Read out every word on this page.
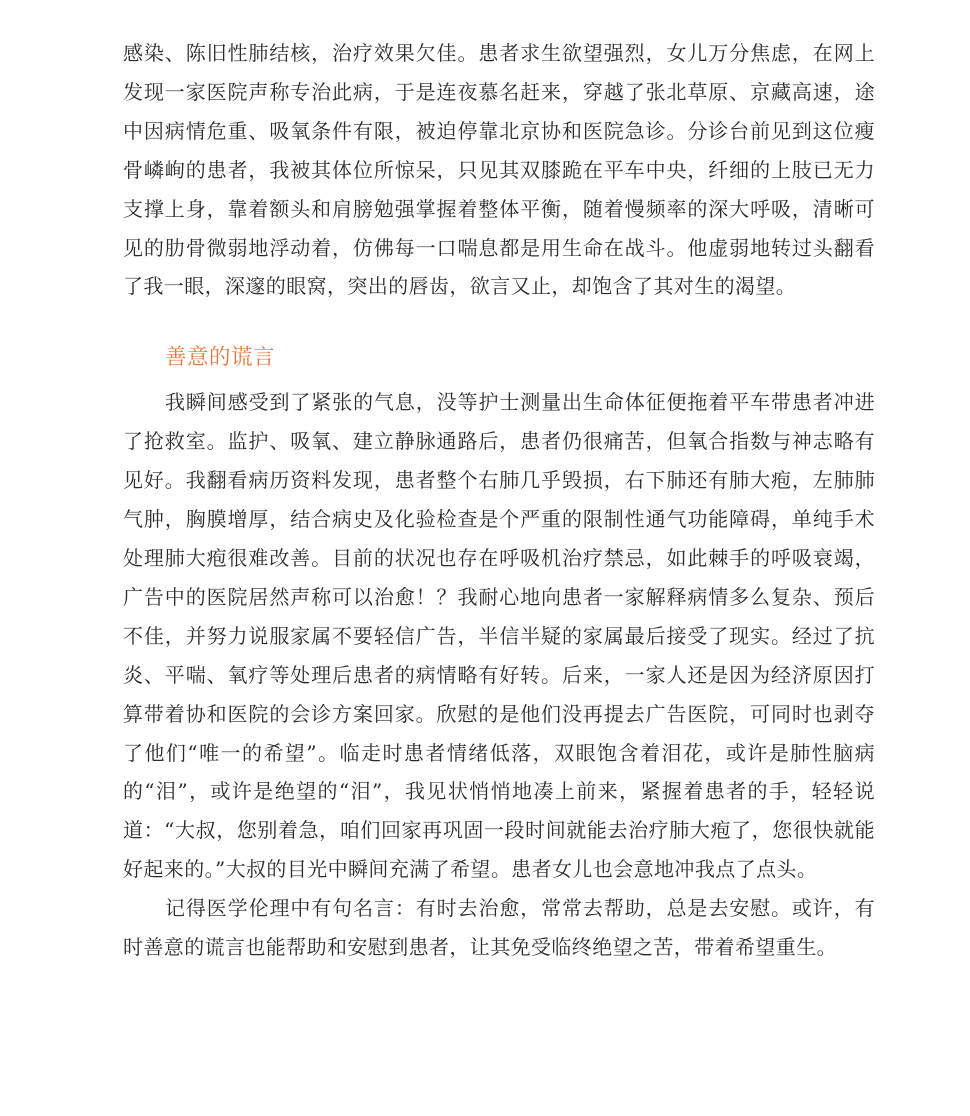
感染、陈旧性肺结核，治疗效果欠佳。患者求生欲望强烈，女儿万分焦虑，在网上发现一家医院声称专治此病，于是连夜慕名赶来，穿越了张北草原、京藏高速，途中因病情危重、吸氧条件有限，被迫停靠北京协和医院急诊。分诊台前见到这位瘦骨嶙峋的患者，我被其体位所惊呆，只见其双膝跪在平车中央，纤细的上肢已无力支撑上身，靠着额头和肩膀勉强掌握着整体平衡，随着慢频率的深大呼吸，清晰可见的肋骨微弱地浮动着，仿佛每一口喘息都是用生命在战斗。他虚弱地转过头翻看了我一眼，深邃的眼窝，突出的唇齿，欲言又止，却饱含了其对生的渴望。

善意的谎言

我瞬间感受到了紧张的气息，没等护士测量出生命体征便拖着平车带患者冲进了抢救室。监护、吸氧、建立静脉通路后，患者仍很痛苦，但氧合指数与神志略有见好。我翻看病历资料发现，患者整个右肺几乎毁损，右下肺还有肺大疱，左肺肺气肿，胸膜增厚，结合病史及化验检查是个严重的限制性通气功能障碍，单纯手术处理肺大疱很难改善。目前的状况也存在呼吸机治疗禁忌，如此棘手的呼吸衰竭，广告中的医院居然声称可以治愈！？我耐心地向患者一家解释病情多么复杂、预后不佳，并努力说服家属不要轻信广告，半信半疑的家属最后接受了现实。经过了抗炎、平喘、氧疗等处理后患者的病情略有好转。后来，一家人还是因为经济原因打算带着协和医院的会诊方案回家。欣慰的是他们没再提去广告医院，可同时也剥夺了他们“唯一的希望”。临走时患者情绪低落，双眼饱含着泪花，或许是肺性脑病的“泪”，或许是绝望的“泪”，我见状悄悄地凑上前来，紧握着患者的手，轻轻说道：“大叔，您别着急，咱们回家再巩固一段时间就能去治疗肺大疱了，您很快就能好起来的。”大叔的目光中瞬间充满了希望。患者女儿也会意地冲我点了点头。

记得医学伦理中有句名言：有时去治愈，常常去帮助，总是去安慰。或许，有时善意的谎言也能帮助和安慰到患者，让其免受临终绝望之苦，带着希望重生。
